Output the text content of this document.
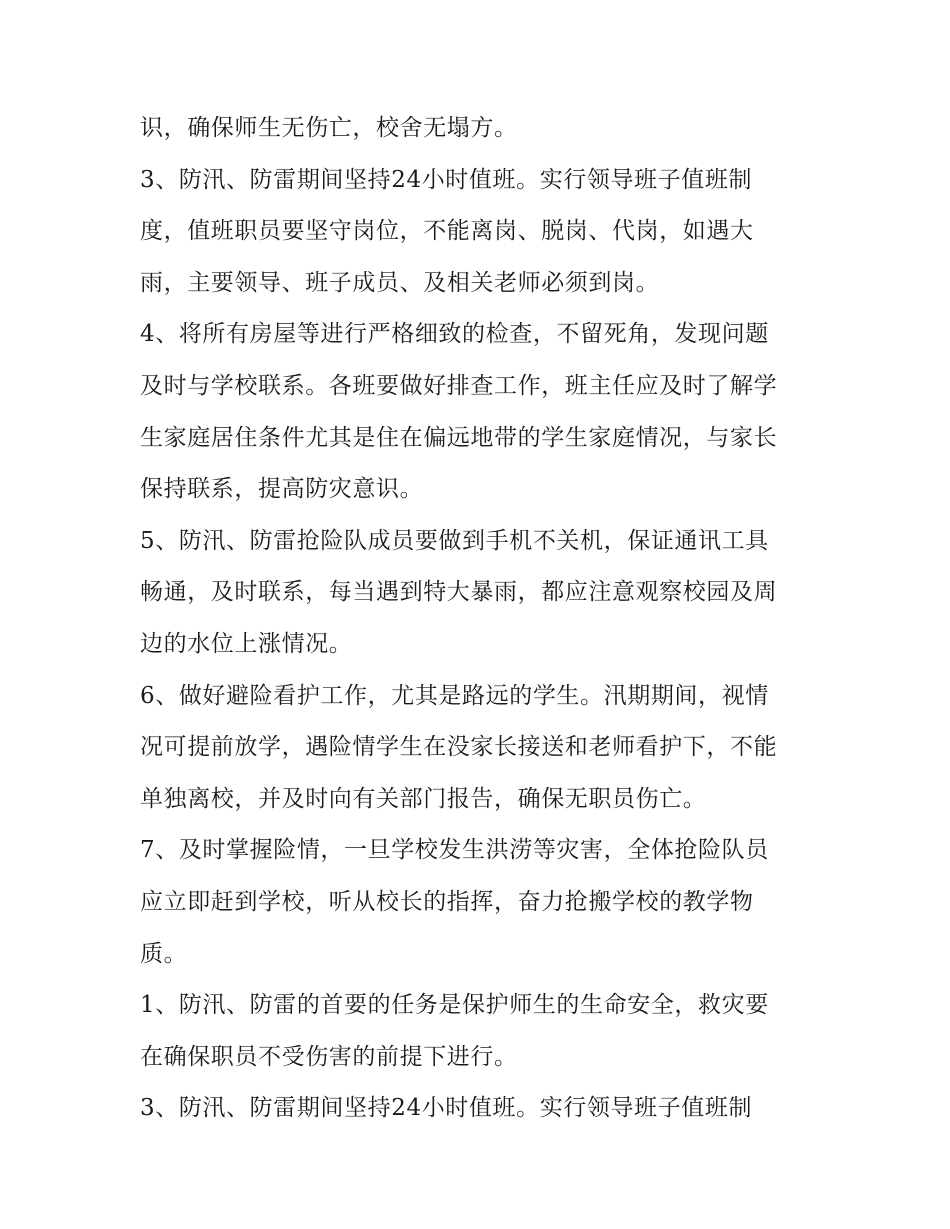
识，确保师生无伤亡，校舍无塌方。
3、防汛、防雷期间坚持24小时值班。实行领导班子值班制
度，值班职员要坚守岗位，不能离岗、脱岗、代岗，如遇大
雨，主要领导、班子成员、及相关老师必须到岗。
4、将所有房屋等进行严格细致的检查，不留死角，发现问题
及时与学校联系。各班要做好排查工作，班主任应及时了解学
生家庭居住条件尤其是住在偏远地带的学生家庭情况，与家长
保持联系，提高防灾意识。
5、防汛、防雷抢险队成员要做到手机不关机，保证通讯工具
畅通，及时联系，每当遇到特大暴雨，都应注意观察校园及周
边的水位上涨情况。
6、做好避险看护工作，尤其是路远的学生。汛期期间，视情
况可提前放学，遇险情学生在没家长接送和老师看护下，不能
单独离校，并及时向有关部门报告，确保无职员伤亡。
7、及时掌握险情，一旦学校发生洪涝等灾害，全体抢险队员
应立即赶到学校，听从校长的指挥，奋力抢搬学校的教学物
质。
1、防汛、防雷的首要的任务是保护师生的生命安全，救灾要
在确保职员不受伤害的前提下进行。
3、防汛、防雷期间坚持24小时值班。实行领导班子值班制
